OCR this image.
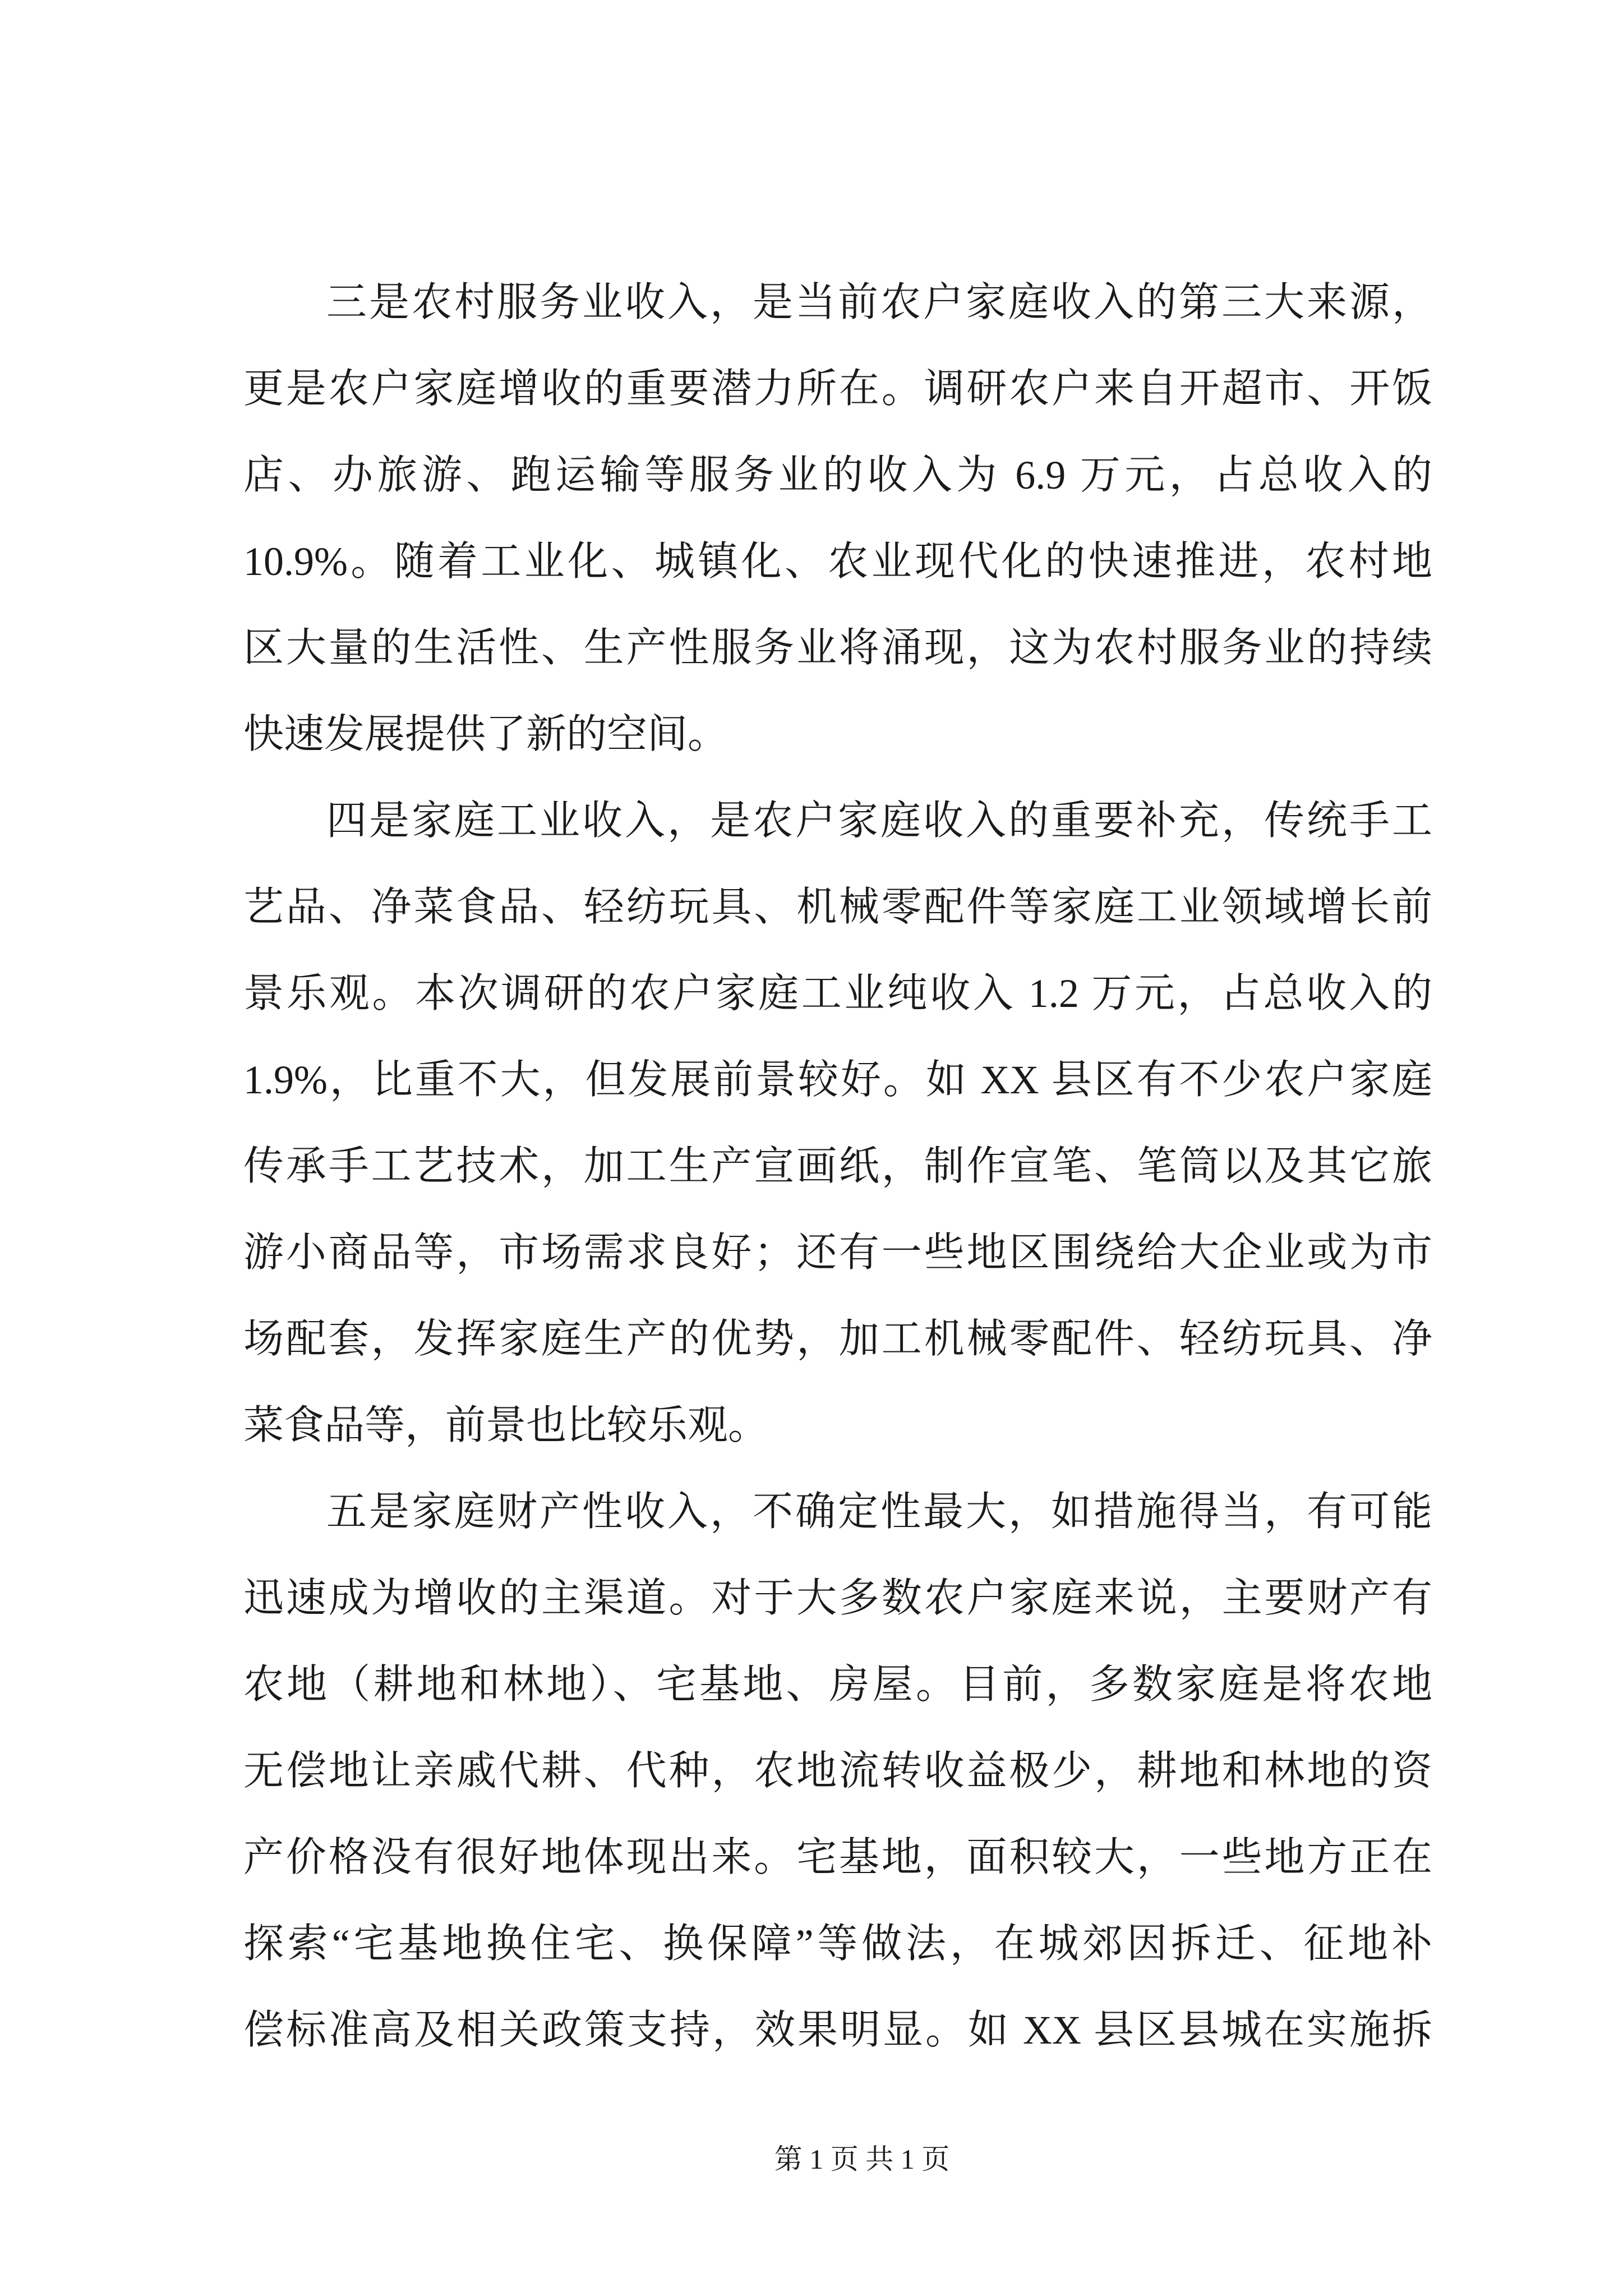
三是农村服务业收入，是当前农户家庭收入的第三大来源，
更是农户家庭增收的重要潜力所在。调研农户来自开超市、开饭
店、办旅游、跑运输等服务业的收入为 6.9 万元，占总收入的
10.9%。随着工业化、城镇化、农业现代化的快速推进，农村地
区大量的生活性、生产性服务业将涌现，这为农村服务业的持续
快速发展提供了新的空间。
四是家庭工业收入，是农户家庭收入的重要补充，传统手工
艺品、净菜食品、轻纺玩具、机械零配件等家庭工业领域增长前
景乐观。本次调研的农户家庭工业纯收入 1.2 万元，占总收入的
1.9%，比重不大，但发展前景较好。如 XX 县区有不少农户家庭
传承手工艺技术，加工生产宣画纸，制作宣笔、笔筒以及其它旅
游小商品等，市场需求良好；还有一些地区围绕给大企业或为市
场配套，发挥家庭生产的优势，加工机械零配件、轻纺玩具、净
菜食品等，前景也比较乐观。
五是家庭财产性收入，不确定性最大，如措施得当，有可能
迅速成为增收的主渠道。对于大多数农户家庭来说，主要财产有
农地（耕地和林地）、宅基地、房屋。目前，多数家庭是将农地
无偿地让亲戚代耕、代种，农地流转收益极少，耕地和林地的资
产价格没有很好地体现出来。宅基地，面积较大，一些地方正在
探索“宅基地换住宅、换保障”等做法，在城郊因拆迁、征地补
偿标准高及相关政策支持，效果明显。如 XX 县区县城在实施拆
第 1 页 共 1 页
